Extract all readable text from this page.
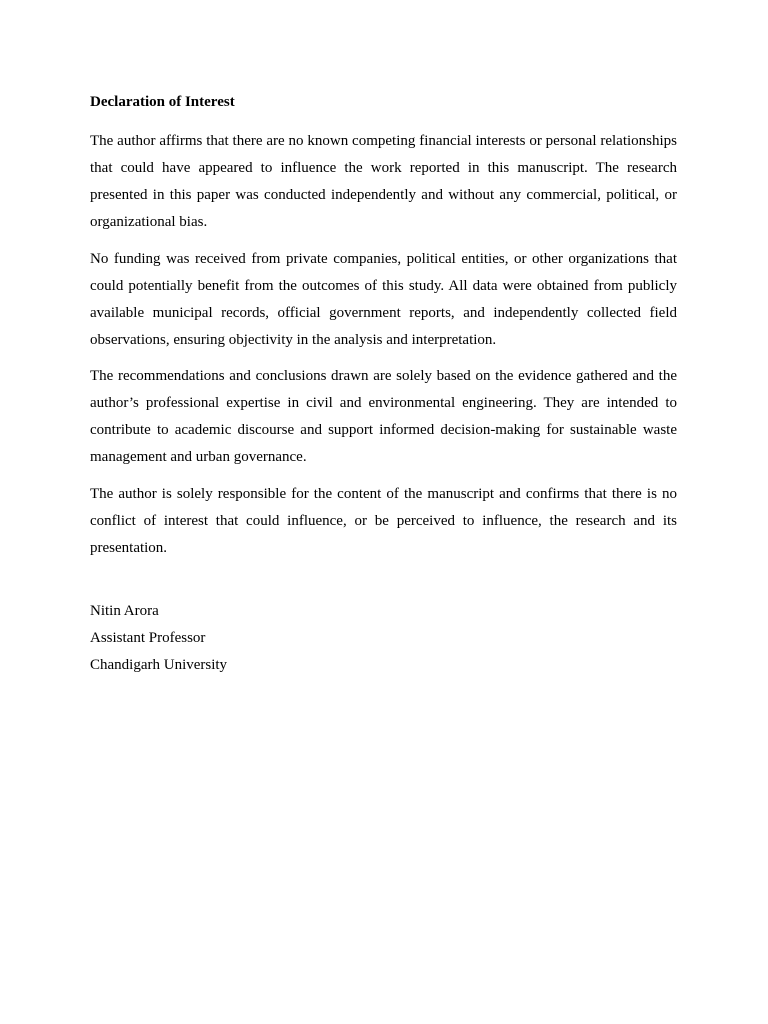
Declaration of Interest

The author affirms that there are no known competing financial interests or personal relationships that could have appeared to influence the work reported in this manuscript. The research presented in this paper was conducted independently and without any commercial, political, or organizational bias.

No funding was received from private companies, political entities, or other organizations that could potentially benefit from the outcomes of this study. All data were obtained from publicly available municipal records, official government reports, and independently collected field observations, ensuring objectivity in the analysis and interpretation.

The recommendations and conclusions drawn are solely based on the evidence gathered and the author’s professional expertise in civil and environmental engineering. They are intended to contribute to academic discourse and support informed decision-making for sustainable waste management and urban governance.

The author is solely responsible for the content of the manuscript and confirms that there is no conflict of interest that could influence, or be perceived to influence, the research and its presentation.

Nitin Arora

Assistant Professor

Chandigarh University
